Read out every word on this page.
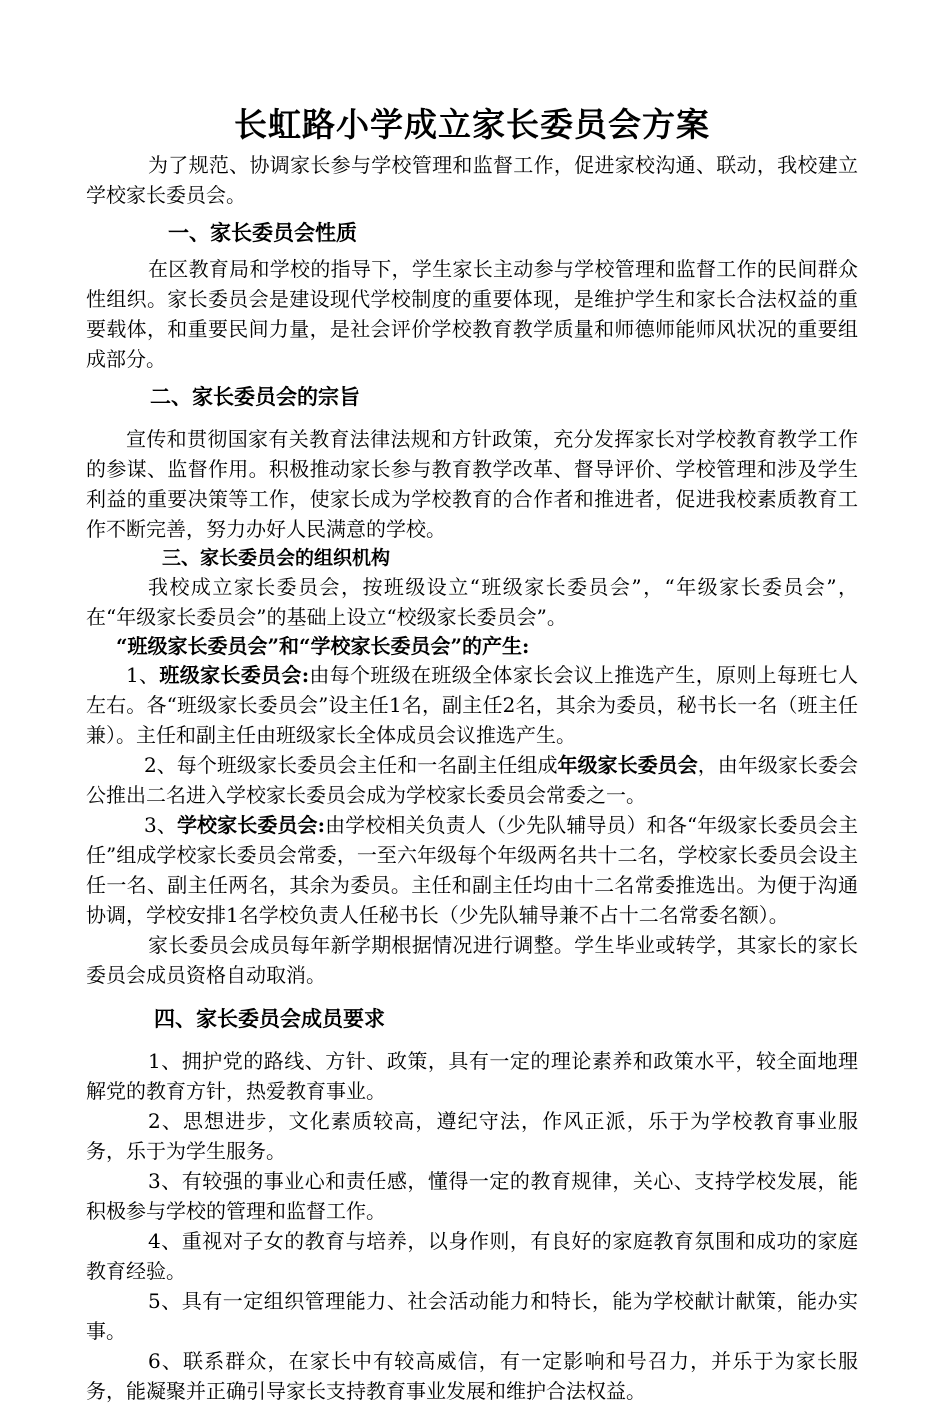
长虹路小学成立家长委员会方案

为了规范、协调家长参与学校管理和监督工作，促进家校沟通、联动，我校建立学校家长委员会。

一、家长委员会性质

在区教育局和学校的指导下，学生家长主动参与学校管理和监督工作的民间群众性组织。家长委员会是建设现代学校制度的重要体现，是维护学生和家长合法权益的重要载体，和重要民间力量，是社会评价学校教育教学质量和师德师能师风状况的重要组成部分。

二、家长委员会的宗旨

宣传和贯彻国家有关教育法律法规和方针政策，充分发挥家长对学校教育教学工作的参谋、监督作用。积极推动家长参与教育教学改革、督导评价、学校管理和涉及学生利益的重要决策等工作，使家长成为学校教育的合作者和推进者，促进我校素质教育工作不断完善，努力办好人民满意的学校。

三、家长委员会的组织机构

我校成立家长委员会，按班级设立“班级家长委员会”，“年级家长委员会”，在“年级家长委员会”的基础上设立“校级家长委员会”。

“班级家长委员会”和“学校家长委员会”的产生:

1、班级家长委员会:由每个班级在班级全体家长会议上推选产生，原则上每班七人左右。各“班级家长委员会”设主任1名，副主任2名，其余为委员，秘书长一名（班主任兼）。主任和副主任由班级家长全体成员会议推选产生。

2、每个班级家长委员会主任和一名副主任组成年级家长委员会，由年级家长委会公推出二名进入学校家长委员会成为学校家长委员会常委之一。

3、学校家长委员会:由学校相关负责人（少先队辅导员）和各“年级家长委员会主任”组成学校家长委员会常委，一至六年级每个年级两名共十二名，学校家长委员会设主任一名、副主任两名，其余为委员。主任和副主任均由十二名常委推选出。为便于沟通协调，学校安排1名学校负责人任秘书长（少先队辅导兼不占十二名常委名额）。

家长委员会成员每年新学期根据情况进行调整。学生毕业或转学，其家长的家长委员会成员资格自动取消。

四、家长委员会成员要求

1、拥护党的路线、方针、政策，具有一定的理论素养和政策水平，较全面地理解党的教育方针，热爱教育事业。

2、思想进步，文化素质较高，遵纪守法，作风正派，乐于为学校教育事业服务，乐于为学生服务。

3、有较强的事业心和责任感，懂得一定的教育规律，关心、支持学校发展，能积极参与学校的管理和监督工作。

4、重视对子女的教育与培养，以身作则，有良好的家庭教育氛围和成功的家庭教育经验。

5、具有一定组织管理能力、社会活动能力和特长，能为学校献计献策，能办实事。

6、联系群众，在家长中有较高威信，有一定影响和号召力，并乐于为家长服务，能凝聚并正确引导家长支持教育事业发展和维护合法权益。
